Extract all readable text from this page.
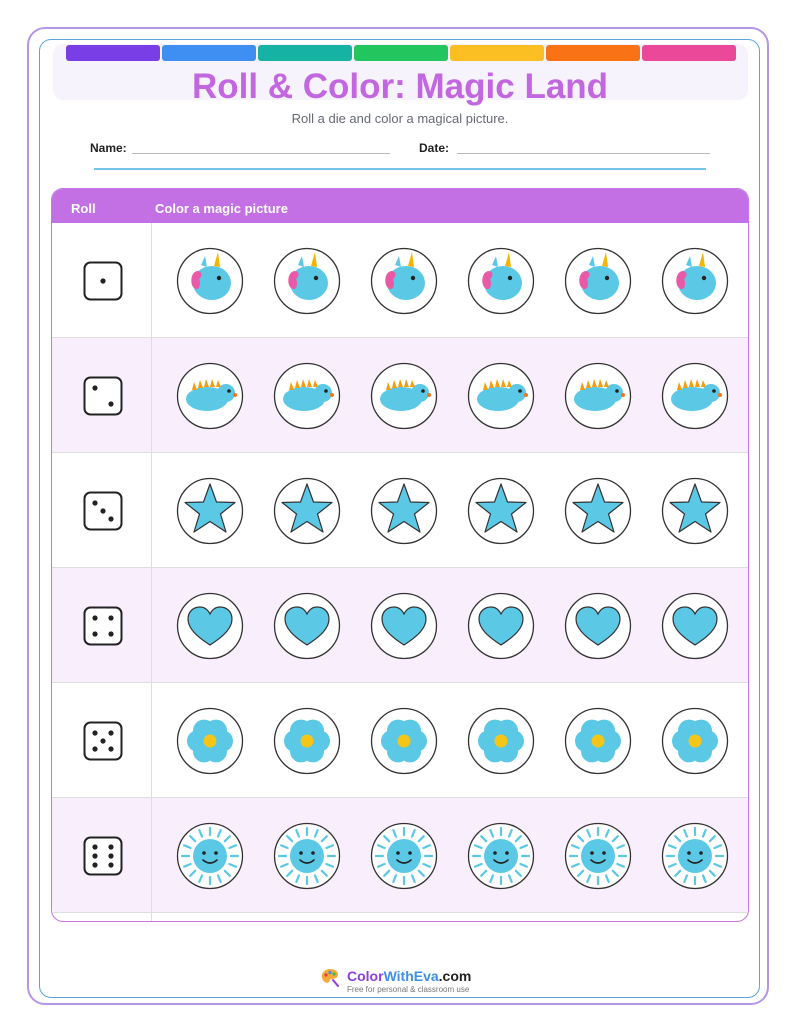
Roll & Color: Magic Land
Roll a die and color a magical picture.
Name:	Date:
Roll	Color a magic picture
ColorWithEva.com
Free for personal & classroom use
